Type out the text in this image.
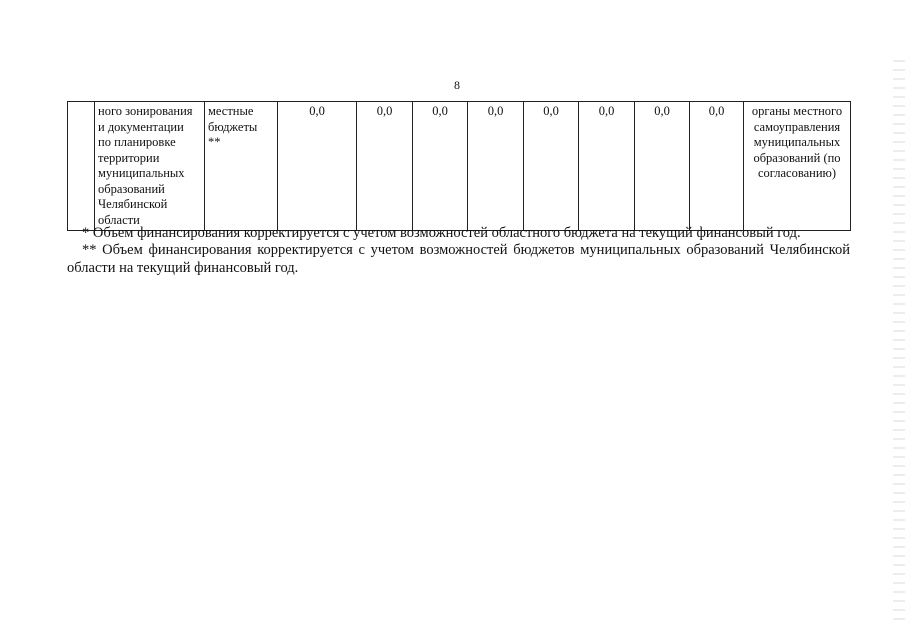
8
	ного зонирования
и документации
по планировке
территории
муниципальных
образований
Челябинской
области	местные
бюджеты
**	0,0	0,0	0,0	0,0	0,0	0,0	0,0	0,0	органы местного
самоуправления
муниципальных
образований (по
согласованию)
* Объем финансирования корректируется с учетом возможностей областного бюджета на текущий финансовый год.
** Объем финансирования корректируется с учетом возможностей бюджетов муниципальных образований Челябинской области на текущий финансовый год.
